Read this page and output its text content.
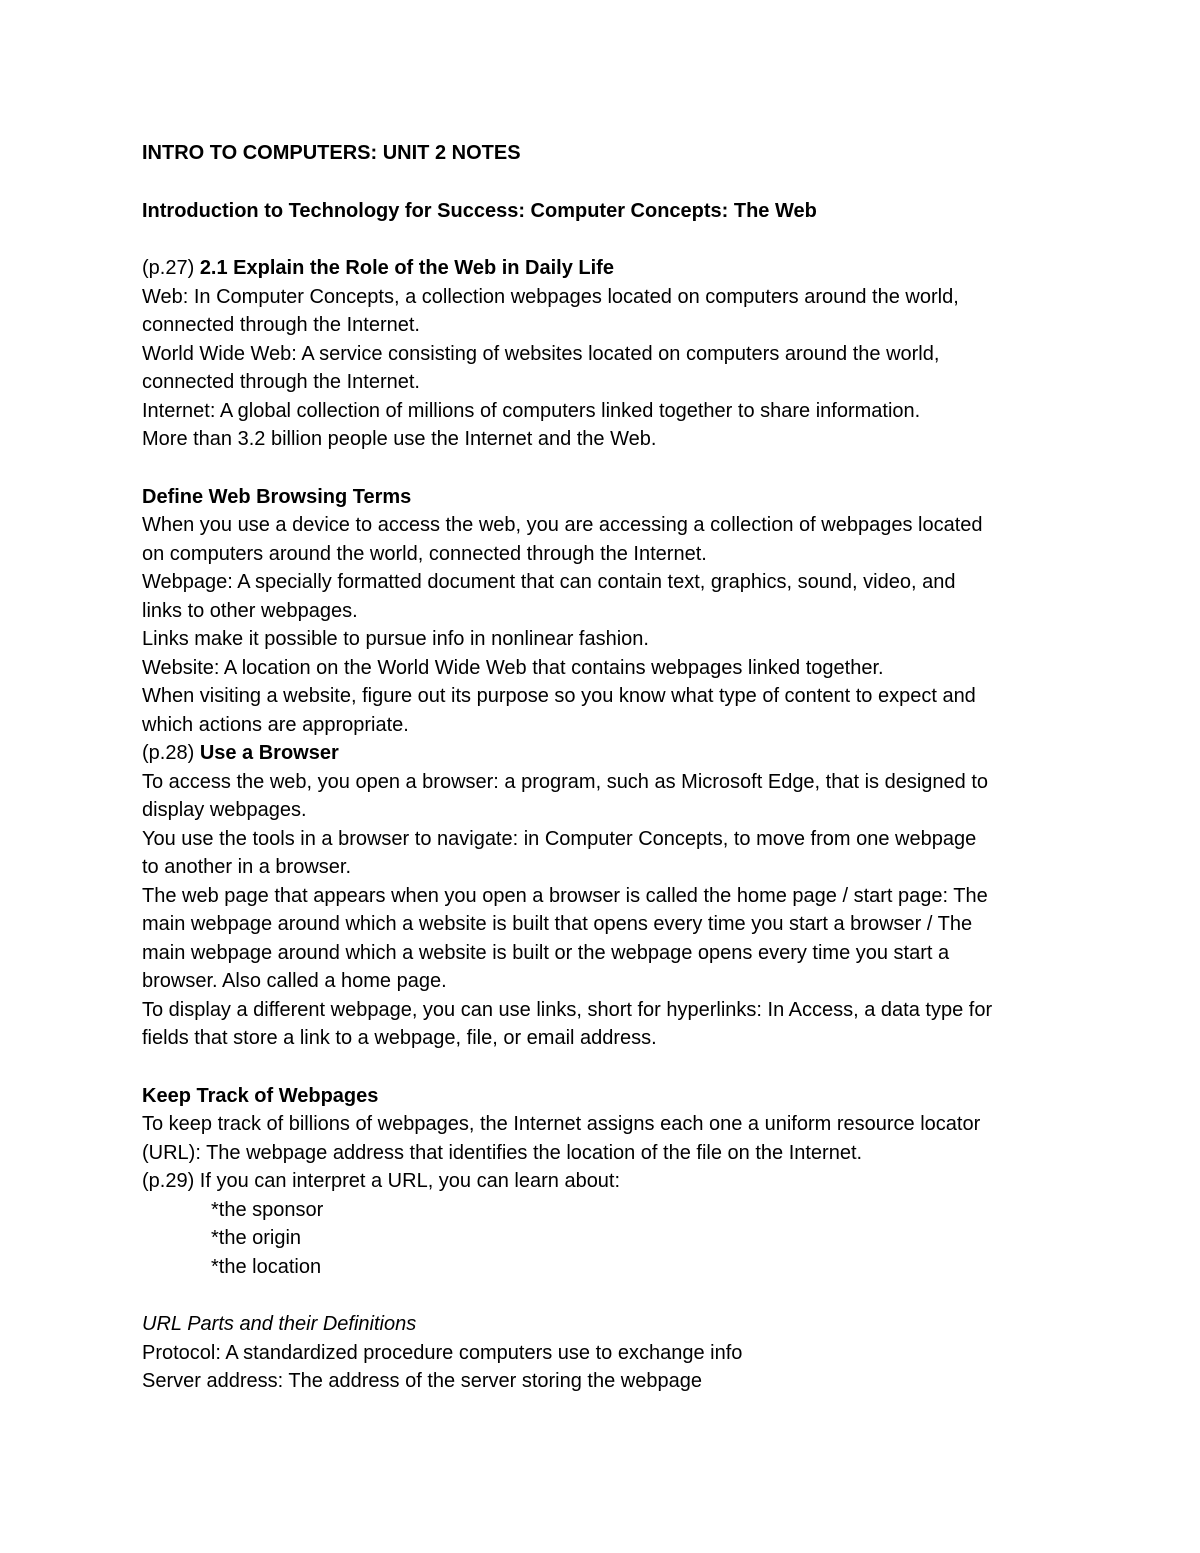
INTRO TO COMPUTERS: UNIT 2 NOTES

Introduction to Technology for Success: Computer Concepts: The Web

(p.27) 2.1 Explain the Role of the Web in Daily Life

Web: In Computer Concepts, a collection webpages located on computers around the world,

connected through the Internet.

World Wide Web: A service consisting of websites located on computers around the world,

connected through the Internet.

Internet: A global collection of millions of computers linked together to share information.

More than 3.2 billion people use the Internet and the Web.

Define Web Browsing Terms

When you use a device to access the web, you are accessing a collection of webpages located

on computers around the world, connected through the Internet.

Webpage: A specially formatted document that can contain text, graphics, sound, video, and

links to other webpages.

Links make it possible to pursue info in nonlinear fashion.

Website: A location on the World Wide Web that contains webpages linked together.

When visiting a website, figure out its purpose so you know what type of content to expect and

which actions are appropriate.

(p.28) Use a Browser

To access the web, you open a browser: a program, such as Microsoft Edge, that is designed to

display webpages.

You use the tools in a browser to navigate: in Computer Concepts, to move from one webpage

to another in a browser.

The web page that appears when you open a browser is called the home page / start page: The

main webpage around which a website is built that opens every time you start a browser / The

main webpage around which a website is built or the webpage opens every time you start a

browser. Also called a home page.

To display a different webpage, you can use links, short for hyperlinks: In Access, a data type for

fields that store a link to a webpage, file, or email address.

Keep Track of Webpages

To keep track of billions of webpages, the Internet assigns each one a uniform resource locator

(URL): The webpage address that identifies the location of the file on the Internet.

(p.29) If you can interpret a URL, you can learn about:

*the sponsor

*the origin

*the location

URL Parts and their Definitions

Protocol: A standardized procedure computers use to exchange info

Server address: The address of the server storing the webpage
